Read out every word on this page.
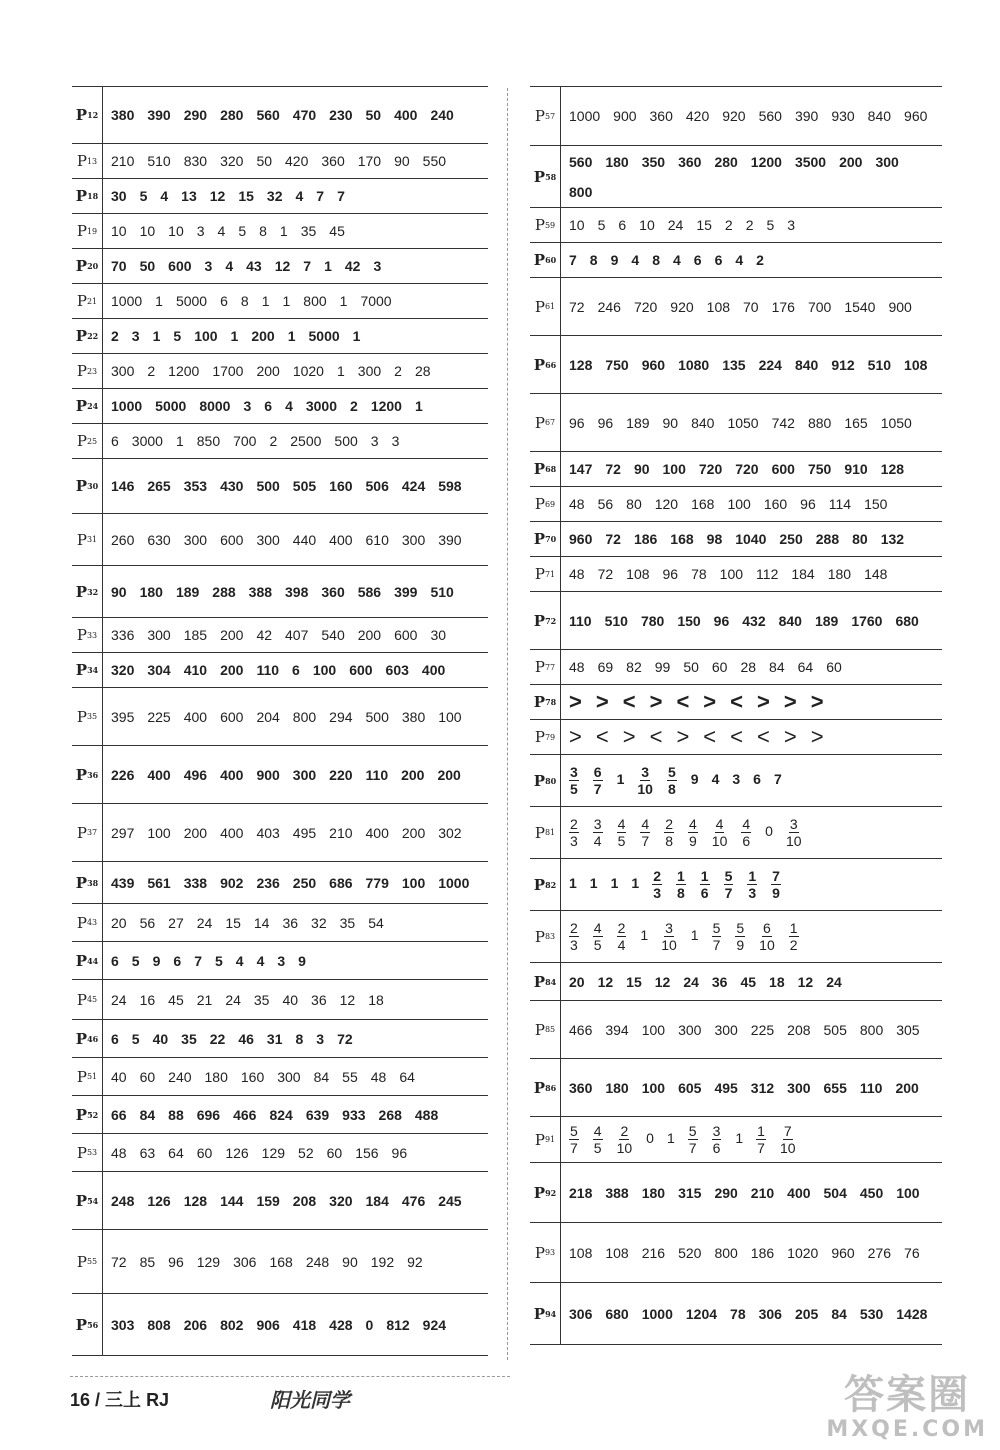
P 12 380 390 290 280 560 470 230 50 400 240
P 13 210 510 830 320 50 420 360 170 90 550
P 18 30 5 4 13 12 15 32 4 7 7
P 19 10 10 10 3 4 5 8 1 35 45
P 20 70 50 600 3 4 43 12 7 1 42 3
P 21 1000 1 5000 6 8 1 1 800 1 7000
P 22 2 3 1 5 100 1 200 1 5000 1
P 23 300 2 1200 1700 200 1020 1 300 2 28
P 24 1000 5000 8000 3 6 4 3000 2 1200 1
P 25 6 3000 1 850 700 2 2500 500 3 3
P 30 146 265 353 430 500 505 160 506 424 598
P 31 260 630 300 600 300 440 400 610 300 390
P 32 90 180 189 288 388 398 360 586 399 510
P 33 336 300 185 200 42 407 540 200 600 30
P 34 320 304 410 200 110 6 100 600 603 400
P 35 395 225 400 600 204 800 294 500 380 100
P 36 226 400 496 400 900 300 220 110 200 200
P 37 297 100 200 400 403 495 210 400 200 302
P 38 439 561 338 902 236 250 686 779 100 1000
P 43 20 56 27 24 15 14 36 32 35 54
P 44 6 5 9 6 7 5 4 4 3 9
P 45 24 16 45 21 24 35 40 36 12 18
P 46 6 5 40 35 22 46 31 8 3 72
P 51 40 60 240 180 160 300 84 55 48 64
P 52 66 84 88 696 466 824 639 933 268 488
P 53 48 63 64 60 126 129 52 60 156 96
P 54 248 126 128 144 159 208 320 184 476 245
P 55 72 85 96 129 306 168 248 90 192 92
P 56 303 808 206 802 906 418 428 0 812 924
P 57 1000 900 360 420 920 560 390 930 840 960
P 58
560 180 350 360 280 1200 3500 200 300
800
P 59 10 5 6 10 24 15 2 2 5 3
P 60 7 8 9 4 8 4 6 6 4 2
P 61 72 246 720 920 108 70 176 700 1540 900
P 66 128 750 960 1080 135 224 840 912 510 108
P 67 96 96 189 90 840 1050 742 880 165 1050
P 68 147 72 90 100 720 720 600 750 910 128
P 69 48 56 80 120 168 100 160 96 114 150
P 70 960 72 186 168 98 1040 250 288 80 132
P 71 48 72 108 96 78 100 112 184 180 148
P 72 110 510 780 150 96 432 840 189 1760 680
P 77 48 69 82 99 50 60 28 84 64 60
P 78 > > < > < > < > > >
P 79 > < > < > < < < > >
P $80 \frac{3}{5} \frac{6}{7} 1 \frac{3}{10} \frac{5}{8} 9$ 4 3 6 7
P $81 \frac{2}{3} \frac{3}{4} \frac{4}{5} \frac{4}{7} \frac{2}{8} \frac{4}{9} \frac{4}{10} \frac{4}{6} 0 \frac{3}{10}$
P 82 1 1 1 $1 \frac{2}{3} \frac{1}{8} \frac{1}{6} \frac{5}{7} \frac{1}{3} \frac{7}{9}$
P $83 \frac{2}{3} \frac{4}{5} \frac{2}{4} 1 \frac{3}{10} 1 \frac{5}{7} \frac{5}{9} \frac{6}{10} \frac{1}{2}$
P 84 20 12 15 12 24 36 45 18 12 24
P 85 466 394 100 300 300 225 208 505 800 305
P 86 360 180 100 605 495 312 300 655 110 200
P $91 \frac{5}{7} \frac{4}{5} \frac{2}{10} 0$ $1 \frac{5}{7} \frac{3}{6} 1 \frac{1}{7} \frac{7}{10}$
P 92 218 388 180 315 290 210 400 504 450 100
P 93 108 108 216 520 800 186 1020 960 276 76
P 94 306 680 1000 1204 78 306 205 84 530 1428
16 / 三上 RJ	阳光同学	答案圈
MXQE.COM
